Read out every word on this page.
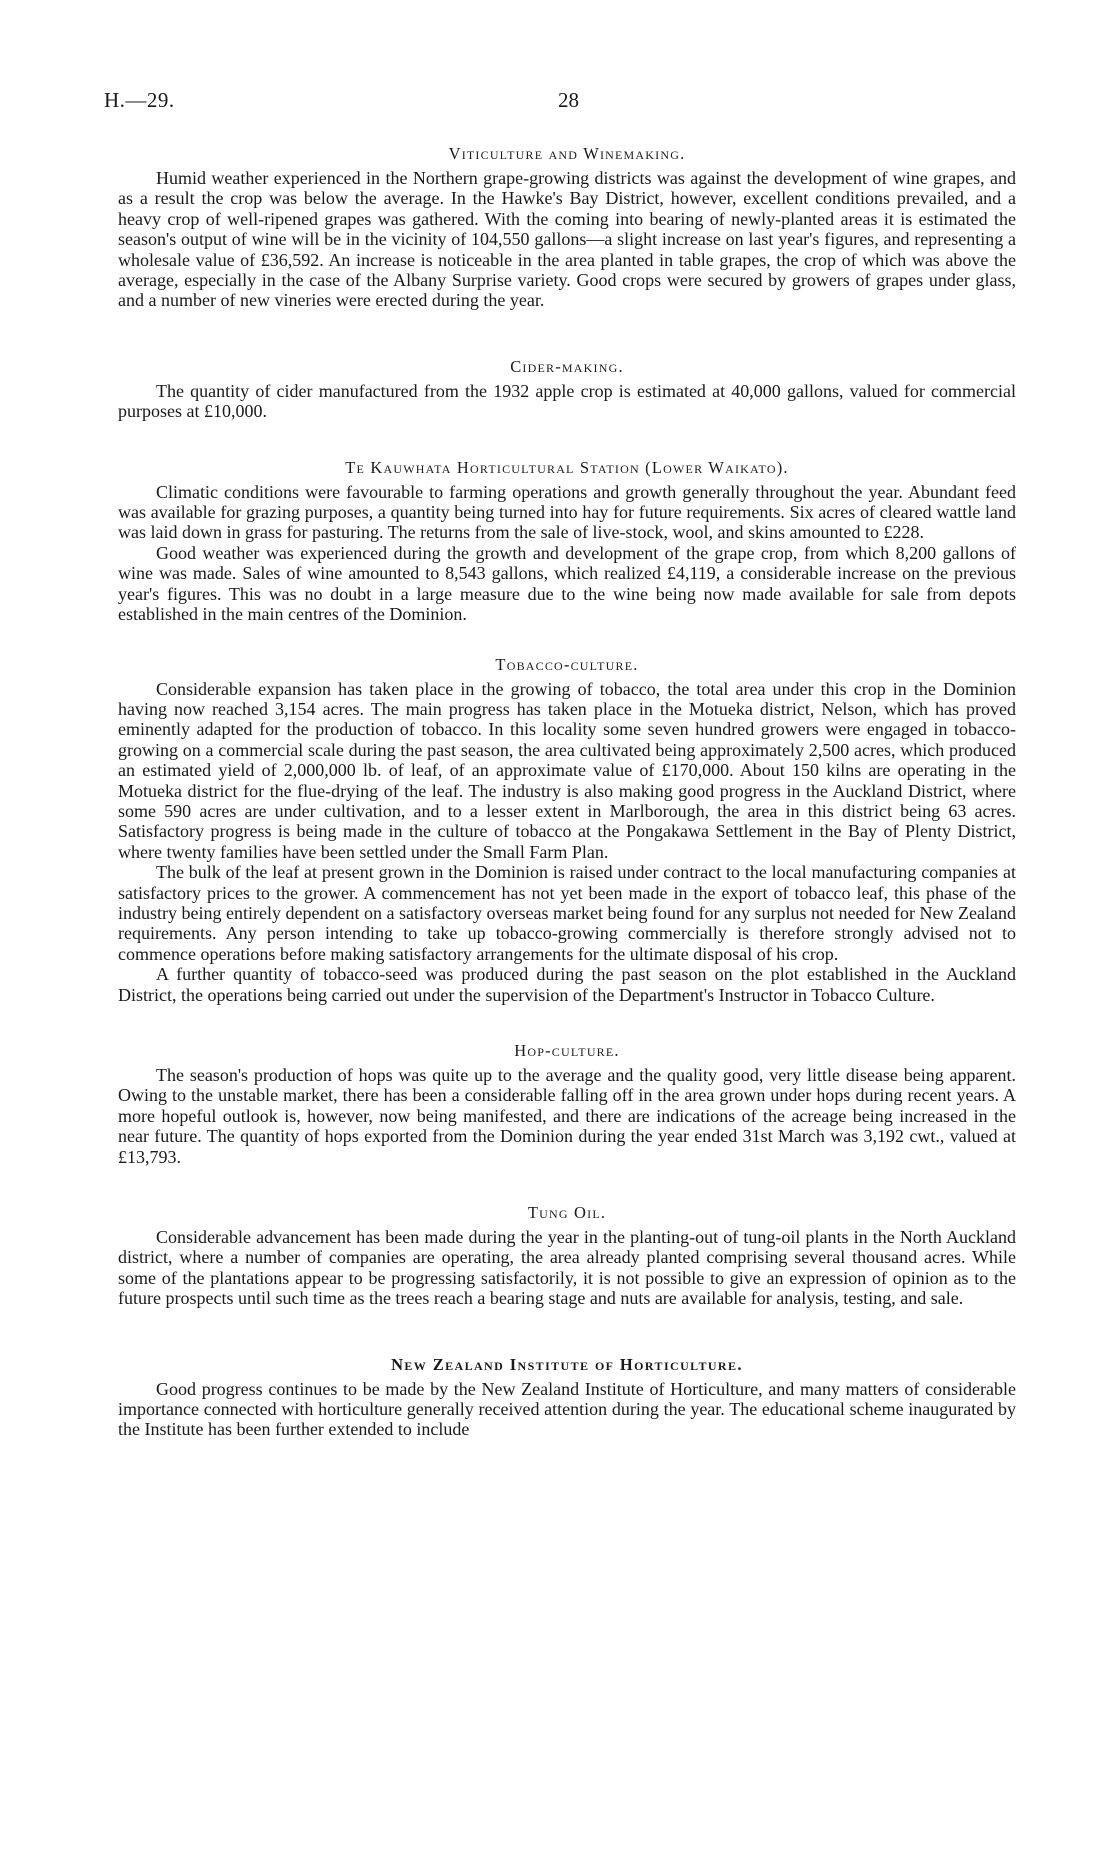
H.—29.	28
Viticulture and Winemaking.

Humid weather experienced in the Northern grape-growing districts was against the development of wine grapes, and as a result the crop was below the average. In the Hawke's Bay District, however, excellent conditions prevailed, and a heavy crop of well-ripened grapes was gathered. With the coming into bearing of newly-planted areas it is estimated the season's output of wine will be in the vicinity of 104,550 gallons—a slight increase on last year's figures, and representing a wholesale value of £36,592. An increase is noticeable in the area planted in table grapes, the crop of which was above the average, especially in the case of the Albany Surprise variety. Good crops were secured by growers of grapes under glass, and a number of new vineries were erected during the year.

Cider-making.

The quantity of cider manufactured from the 1932 apple crop is estimated at 40,000 gallons, valued for commercial purposes at £10,000.

Te Kauwhata Horticultural Station (Lower Waikato).

Climatic conditions were favourable to farming operations and growth generally throughout the year. Abundant feed was available for grazing purposes, a quantity being turned into hay for future requirements. Six acres of cleared wattle land was laid down in grass for pasturing. The returns from the sale of live-stock, wool, and skins amounted to £228.

Good weather was experienced during the growth and development of the grape crop, from which 8,200 gallons of wine was made. Sales of wine amounted to 8,543 gallons, which realized £4,119, a considerable increase on the previous year's figures. This was no doubt in a large measure due to the wine being now made available for sale from depots established in the main centres of the Dominion.

Tobacco-culture.

Considerable expansion has taken place in the growing of tobacco, the total area under this crop in the Dominion having now reached 3,154 acres. The main progress has taken place in the Motueka district, Nelson, which has proved eminently adapted for the production of tobacco. In this locality some seven hundred growers were engaged in tobacco-growing on a commercial scale during the past season, the area cultivated being approximately 2,500 acres, which produced an estimated yield of 2,000,000 lb. of leaf, of an approximate value of £170,000. About 150 kilns are operating in the Motueka district for the flue-drying of the leaf. The industry is also making good progress in the Auckland District, where some 590 acres are under cultivation, and to a lesser extent in Marlborough, the area in this district being 63 acres. Satisfactory progress is being made in the culture of tobacco at the Pongakawa Settlement in the Bay of Plenty District, where twenty families have been settled under the Small Farm Plan.

The bulk of the leaf at present grown in the Dominion is raised under contract to the local manufacturing companies at satisfactory prices to the grower. A commencement has not yet been made in the export of tobacco leaf, this phase of the industry being entirely dependent on a satisfactory overseas market being found for any surplus not needed for New Zealand requirements. Any person intending to take up tobacco-growing commercially is therefore strongly advised not to commence operations before making satisfactory arrangements for the ultimate disposal of his crop.

A further quantity of tobacco-seed was produced during the past season on the plot established in the Auckland District, the operations being carried out under the supervision of the Department's Instructor in Tobacco Culture.

Hop-culture.

The season's production of hops was quite up to the average and the quality good, very little disease being apparent. Owing to the unstable market, there has been a considerable falling off in the area grown under hops during recent years. A more hopeful outlook is, however, now being manifested, and there are indications of the acreage being increased in the near future. The quantity of hops exported from the Dominion during the year ended 31st March was 3,192 cwt., valued at £13,793.

Tung Oil.

Considerable advancement has been made during the year in the planting-out of tung-oil plants in the North Auckland district, where a number of companies are operating, the area already planted comprising several thousand acres. While some of the plantations appear to be progressing satisfactorily, it is not possible to give an expression of opinion as to the future prospects until such time as the trees reach a bearing stage and nuts are available for analysis, testing, and sale.

New Zealand Institute of Horticulture.

Good progress continues to be made by the New Zealand Institute of Horticulture, and many matters of considerable importance connected with horticulture generally received attention during the year. The educational scheme inaugurated by the Institute has been further extended to include
